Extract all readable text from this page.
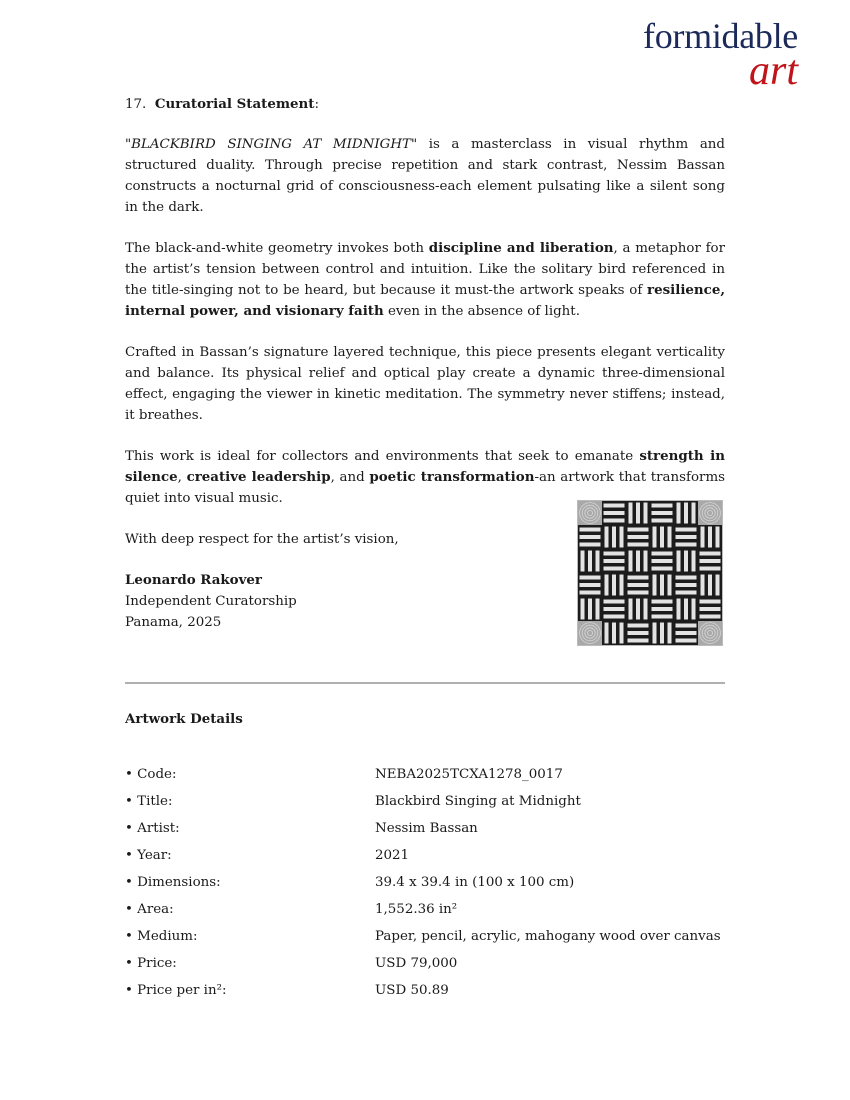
formidable
art

17. Curatorial Statement:

"BLACKBIRD SINGING AT MIDNIGHT" is a masterclass in visual rhythm and structured duality. Through precise repetition and stark contrast, Nessim Bassan constructs a nocturnal grid of consciousness-each element pulsating like a silent song in the dark.

The black-and-white geometry invokes both discipline and liberation, a metaphor for the artist’s tension between control and intuition. Like the solitary bird referenced in the title-singing not to be heard, but because it must-the artwork speaks of resilience, internal power, and visionary faith even in the absence of light.

Crafted in Bassan’s signature layered technique, this piece presents elegant verticality and balance. Its physical relief and optical play create a dynamic three-dimensional effect, engaging the viewer in kinetic meditation. The symmetry never stiffens; instead, it breathes.

This work is ideal for collectors and environments that seek to emanate strength in silence, creative leadership, and poetic transformation-an artwork that transforms quiet into visual music.

With deep respect for the artist’s vision,

Leonardo Rakover

Independent Curatorship

Panama, 2025

Artwork Details
• Code:	NEBA2025TCXA1278_0017
• Title:	Blackbird Singing at Midnight
• Artist:	Nessim Bassan
• Year:	2021
• Dimensions:	39.4 x 39.4 in (100 x 100 cm)
• Area:	1,552.36 in²
• Medium:	Paper, pencil, acrylic, mahogany wood over canvas
• Price:	USD 79,000
• Price per in²:	USD 50.89
